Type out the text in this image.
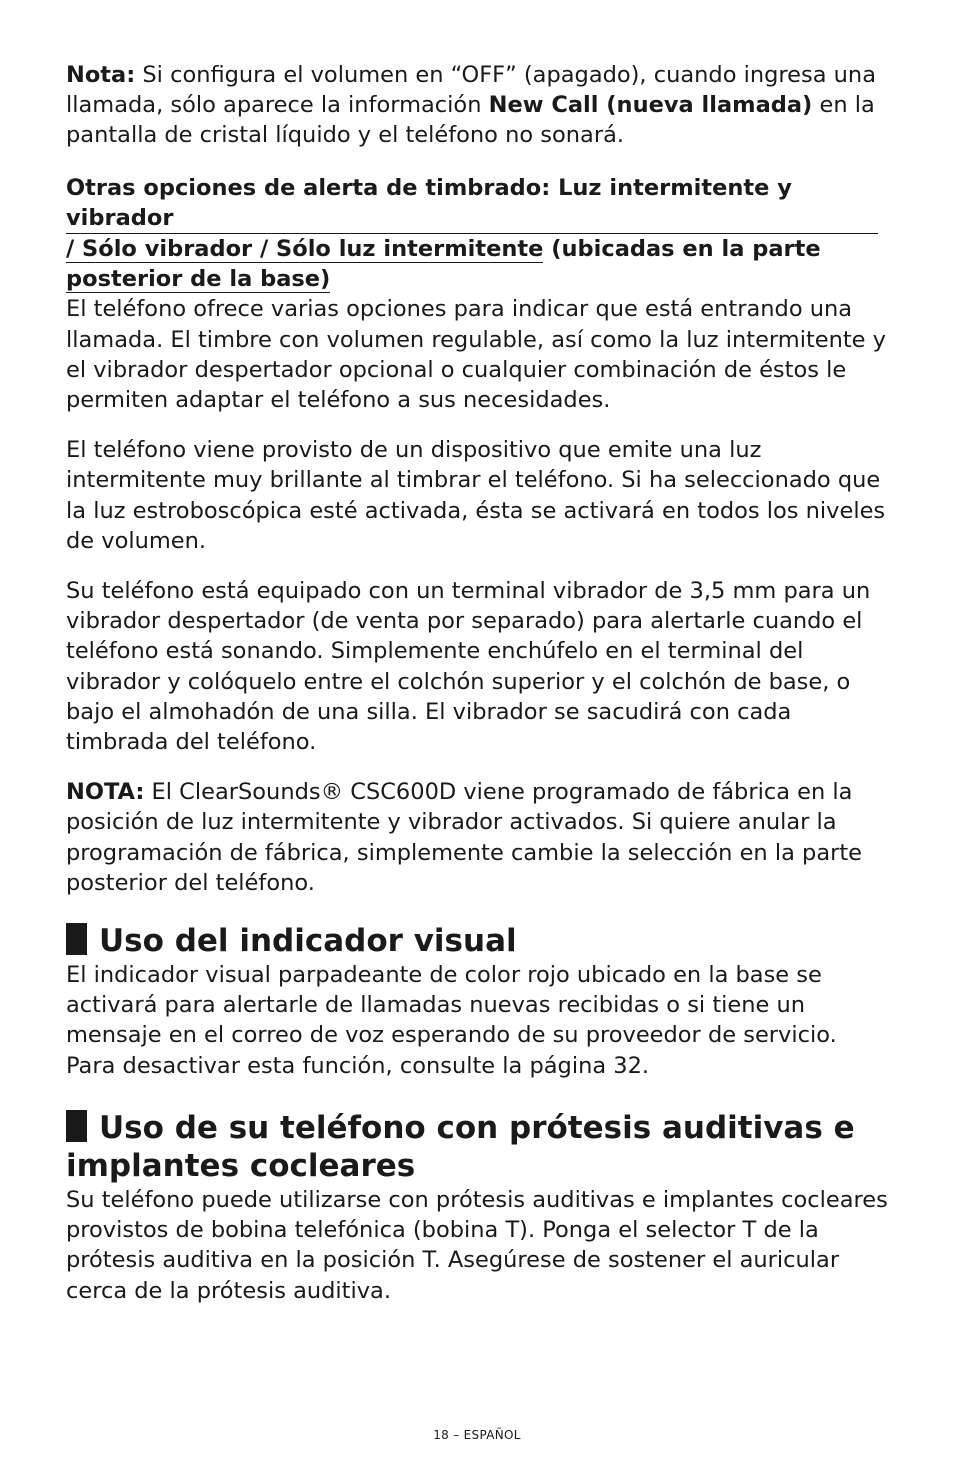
Nota: Si configura el volumen en “OFF” (apagado), cuando ingresa una llamada, sólo aparece la información New Call (nueva llamada) en la pantalla de cristal líquido y el teléfono no sonará.

Otras opciones de alerta de timbrado: Luz intermitente y vibrador
/ Sólo vibrador / Sólo luz intermitente (ubicadas en la parte
posterior de la base)

El teléfono ofrece varias opciones para indicar que está entrando una llamada. El timbre con volumen regulable, así como la luz intermitente y el vibrador despertador opcional o cualquier combinación de éstos le permiten adaptar el teléfono a sus necesidades.

El teléfono viene provisto de un dispositivo que emite una luz intermitente muy brillante al timbrar el teléfono. Si ha seleccionado que la luz estroboscópica esté activada, ésta se activará en todos los niveles de volumen.

Su teléfono está equipado con un terminal vibrador de 3,5 mm para un vibrador despertador (de venta por separado) para alertarle cuando el teléfono está sonando. Simplemente enchúfelo en el terminal del vibrador y colóquelo entre el colchón superior y el colchón de base, o bajo el almohadón de una silla. El vibrador se sacudirá con cada timbrada del teléfono.

NOTA: El ClearSounds® CSC600D viene programado de fábrica en la posición de luz intermitente y vibrador activados. Si quiere anular la programación de fábrica, simplemente cambie la selección en la parte posterior del teléfono.

Uso del indicador visual

El indicador visual parpadeante de color rojo ubicado en la base se activará para alertarle de llamadas nuevas recibidas o si tiene un mensaje en el correo de voz esperando de su proveedor de servicio. Para desactivar esta función, consulte la página 32.

Uso de su teléfono con prótesis auditivas e implantes cocleares

Su teléfono puede utilizarse con prótesis auditivas e implantes cocleares provistos de bobina telefónica (bobina T). Ponga el selector T de la prótesis auditiva en la posición T. Asegúrese de sostener el auricular cerca de la prótesis auditiva.

18 – ESPAÑOL
